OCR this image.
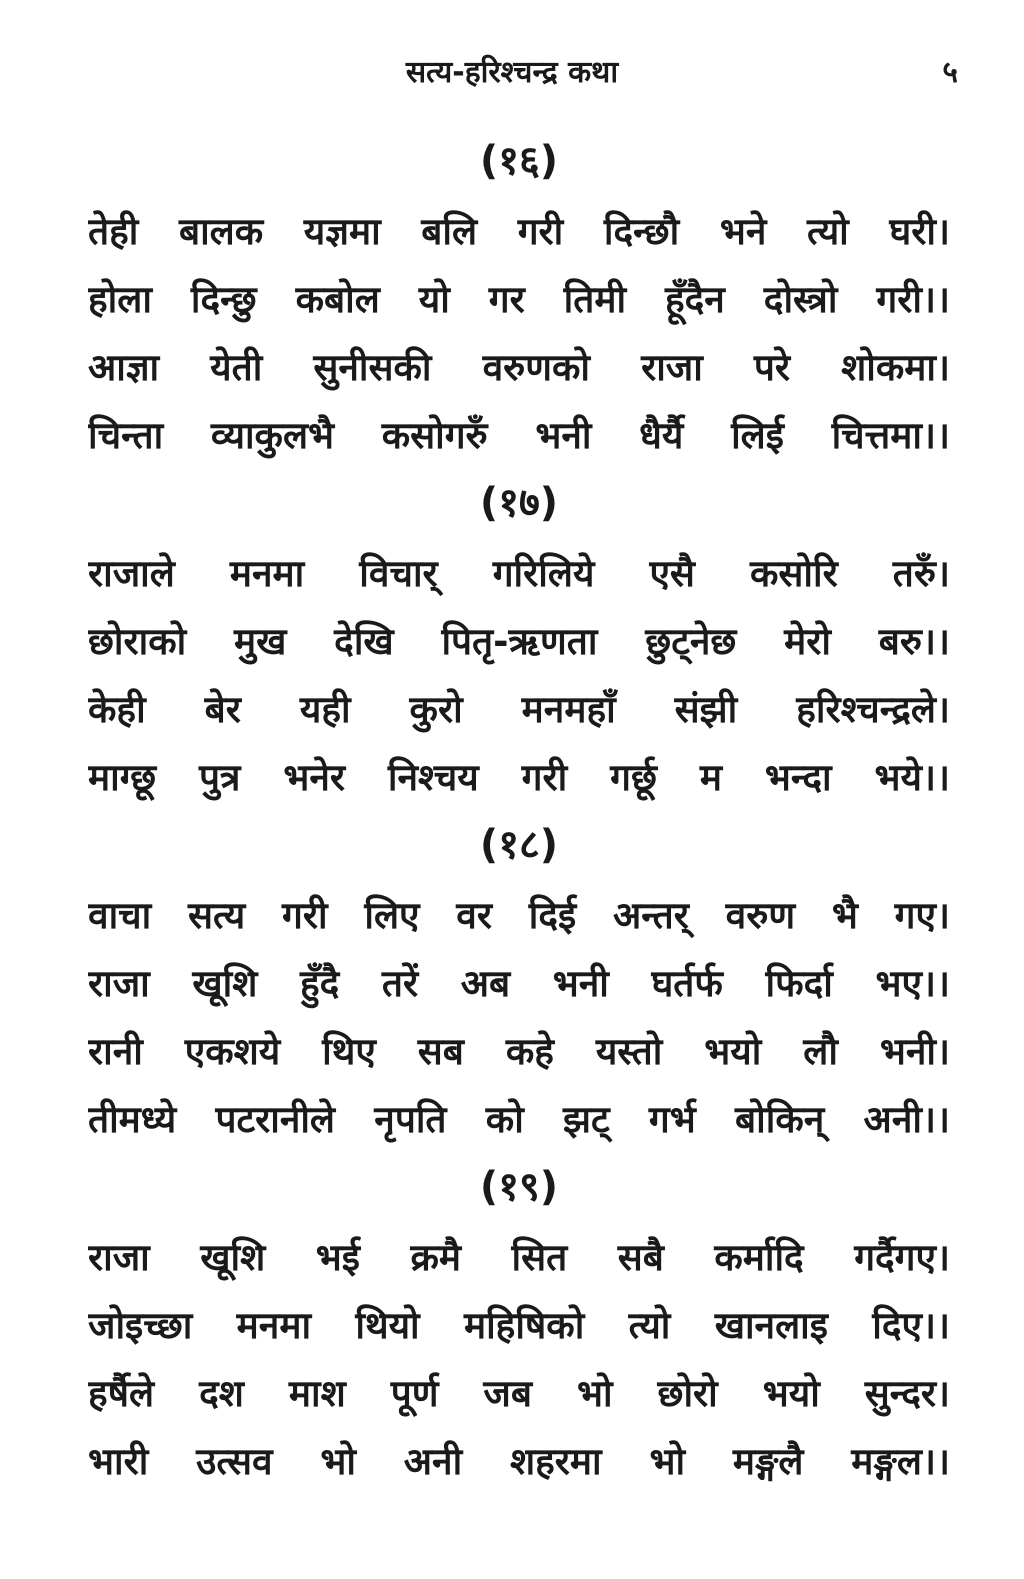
सत्य-हरिश्चन्द्र कथा	५
(१६)
तेही बालक यज्ञमा बलि गरी दिन्छौ भने त्यो घरी।
होला दिन्छु कबोल यो गर तिमी हूँदैन दोस्त्रो गरी।।
आज्ञा येती सुनीसकी वरुणको राजा परे शोकमा।
चिन्ता व्याकुलभै कसोगरुँ भनी धैर्यै लिई चित्तमा।।
(१७)
राजाले मनमा विचार् गरिलिये एसै कसोरि तरुँ।
छोराको मुख देखि पितृ-ऋणता छुट्नेछ मेरो बरु।।
केही बेर यही कुरो मनमहाँ संझी हरिश्चन्द्रले।
माग्छू पुत्र भनेर निश्चय गरी गर्छू म भन्दा भये।।
(१८)
वाचा सत्य गरी लिए वर दिई अन्तर् वरुण भै गए।
राजा खूशि हुँदै तरें अब भनी घर्तर्फ फिर्दा भए।।
रानी एकशये थिए सब कहे यस्तो भयो लौ भनी।
तीमध्ये पटरानीले नृपति को झट् गर्भ बोकिन् अनी।।
(१९)
राजा खूशि भई क्रमै सित सबै कर्मादि गर्दैगए।
जोइच्छा मनमा थियो महिषिको त्यो खानलाइ दिए।।
हर्षैले दश माश पूर्ण जब भो छोरो भयो सुन्दर।
भारी उत्सव भो अनी शहरमा भो मङ्गलै मङ्गल।।
